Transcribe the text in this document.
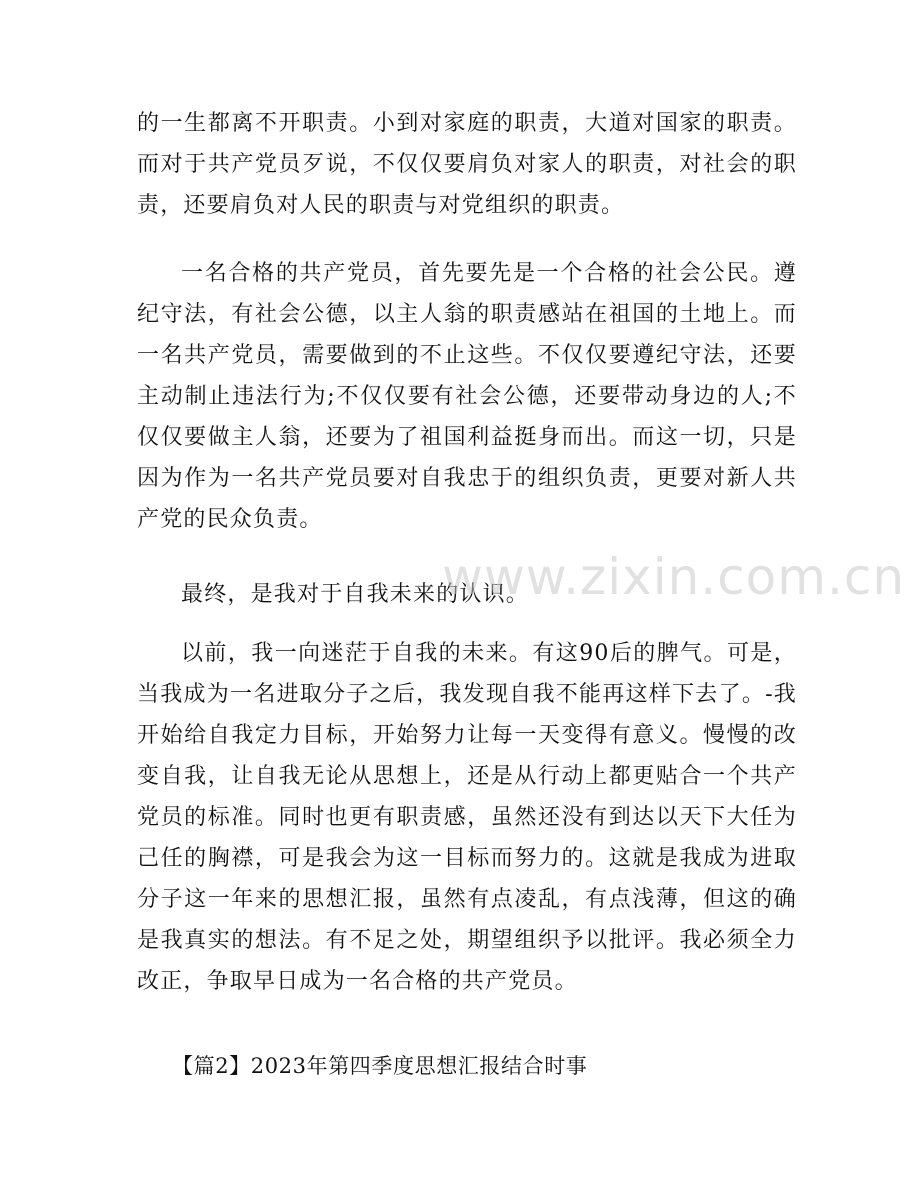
的一生都离不开职责。小到对家庭的职责，大道对国家的职责。而对于共产党员歹说，不仅仅要肩负对家人的职责，对社会的职责，还要肩负对人民的职责与对党组织的职责。

一名合格的共产党员，首先要先是一个合格的社会公民。遵纪守法，有社会公德，以主人翁的职责感站在祖国的土地上。而一名共产党员，需要做到的不止这些。不仅仅要遵纪守法，还要主动制止违法行为;不仅仅要有社会公德，还要带动身边的人;不仅仅要做主人翁，还要为了祖国利益挺身而出。而这一切，只是因为作为一名共产党员要对自我忠于的组织负责，更要对新人共产党的民众负责。

最终，是我对于自我未来的认识。

以前，我一向迷茫于自我的未来。有这90后的脾气。可是，当我成为一名进取分子之后，我发现自我不能再这样下去了。-我开始给自我定力目标，开始努力让每一天变得有意义。慢慢的改变自我，让自我无论从思想上，还是从行动上都更贴合一个共产党员的标准。同时也更有职责感，虽然还没有到达以天下大任为己任的胸襟，可是我会为这一目标而努力的。这就是我成为进取分子这一年来的思想汇报，虽然有点凌乱，有点浅薄，但这的确是我真实的想法。有不足之处，期望组织予以批评。我必须全力改正，争取早日成为一名合格的共产党员。

【篇2】2023年第四季度思想汇报结合时事
www.zixin.com.cn
